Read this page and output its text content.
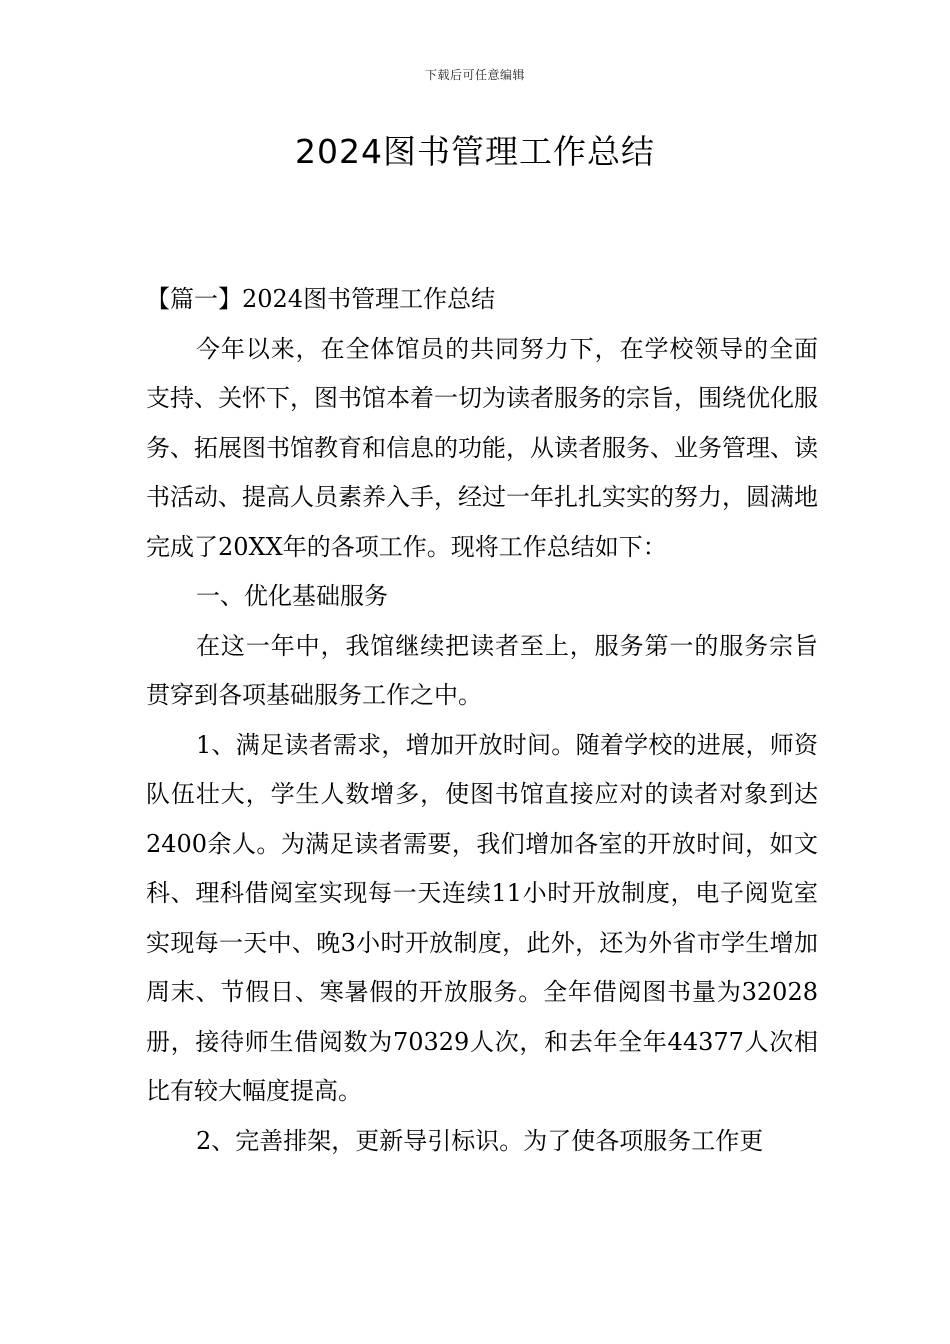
下载后可任意编辑
2024图书管理工作总结

【篇一】2024图书管理工作总结

今年以来，在全体馆员的共同努力下，在学校领导的全面支持、关怀下，图书馆本着一切为读者服务的宗旨，围绕优化服务、拓展图书馆教育和信息的功能，从读者服务、业务管理、读书活动、提高人员素养入手，经过一年扎扎实实的努力，圆满地完成了20XX年的各项工作。现将工作总结如下：

一、优化基础服务

在这一年中，我馆继续把读者至上，服务第一的服务宗旨贯穿到各项基础服务工作之中。

1、满足读者需求，增加开放时间。随着学校的进展，师资队伍壮大，学生人数增多，使图书馆直接应对的读者对象到达2400余人。为满足读者需要，我们增加各室的开放时间，如文科、理科借阅室实现每一天连续11小时开放制度，电子阅览室实现每一天中、晚3小时开放制度，此外，还为外省市学生增加周末、节假日、寒暑假的开放服务。全年借阅图书量为32028册，接待师生借阅数为70329人次，和去年全年44377人次相比有较大幅度提高。

2、完善排架，更新导引标识。为了使各项服务工作更
